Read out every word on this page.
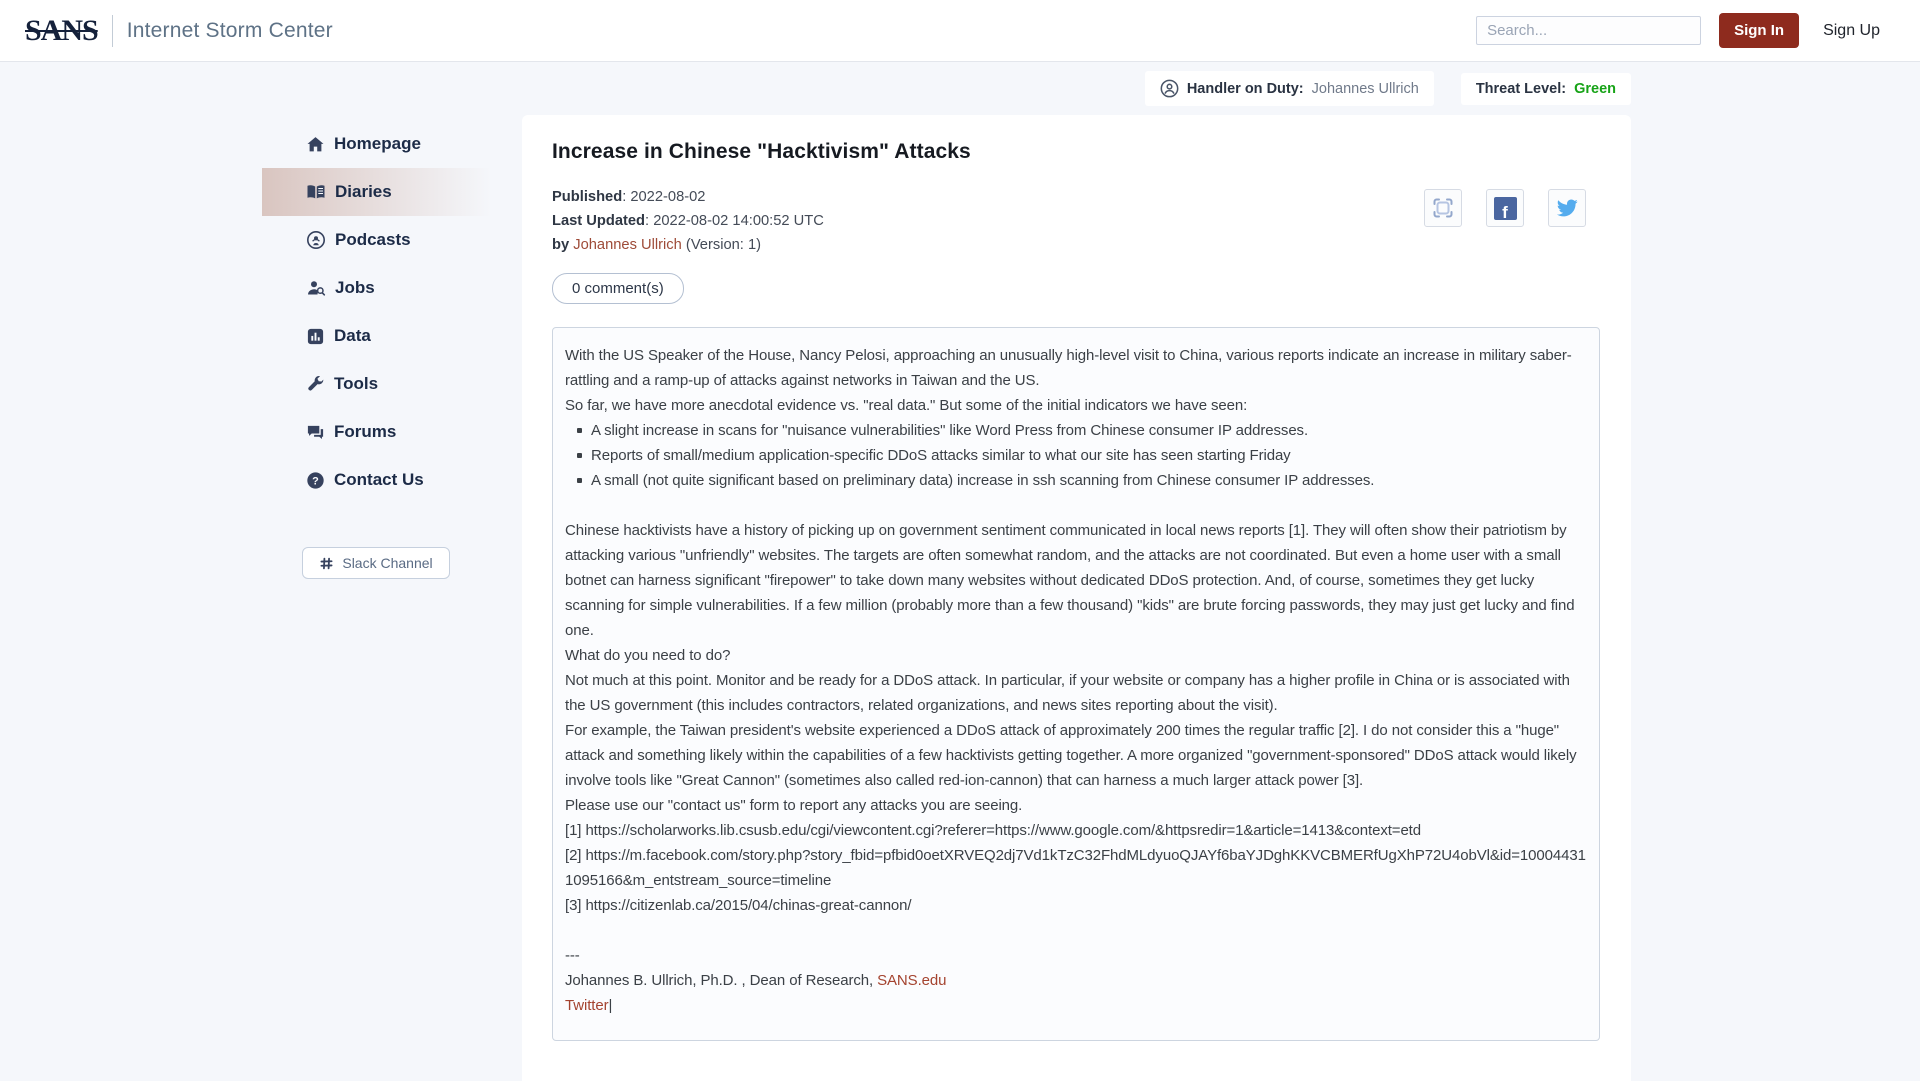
SANS Internet Storm Center
Search...	Sign In	Sign Up
Handler on Duty: Johannes Ullrich	Threat Level: Green
Homepage
Diaries
Podcasts
Jobs
Data
Tools
Forums
? Contact Us
Slack Channel
Increase in Chinese "Hacktivism" Attacks
f
Published: 2022-08-02
Last Updated: 2022-08-02 14:00:52 UTC
by Johannes Ullrich (Version: 1)
0 comment(s)

With the US Speaker of the House, Nancy Pelosi, approaching an unusually high-level visit to China, various reports indicate an increase in military saber-rattling and a ramp-up of attacks against networks in Taiwan and the US.

So far, we have more anecdotal evidence vs. "real data." But some of the initial indicators we have seen:

A slight increase in scans for "nuisance vulnerabilities" like Word Press from Chinese consumer IP addresses.
Reports of small/medium application-specific DDoS attacks similar to what our site has seen starting Friday
A small (not quite significant based on preliminary data) increase in ssh scanning from Chinese consumer IP addresses.

Chinese hacktivists have a history of picking up on government sentiment communicated in local news reports [1]. They will often show their patriotism by attacking various "unfriendly" websites. The targets are often somewhat random, and the attacks are not coordinated. But even a home user with a small botnet can harness significant "firepower" to take down many websites without dedicated DDoS protection. And, of course, sometimes they get lucky scanning for simple vulnerabilities. If a few million (probably more than a few thousand) "kids" are brute forcing passwords, they may just get lucky and find one.

What do you need to do?

Not much at this point. Monitor and be ready for a DDoS attack. In particular, if your website or company has a higher profile in China or is associated with the US government (this includes contractors, related organizations, and news sites reporting about the visit).

For example, the Taiwan president's website experienced a DDoS attack of approximately 200 times the regular traffic [2]. I do not consider this a "huge" attack and something likely within the capabilities of a few hacktivists getting together. A more organized "government-sponsored" DDoS attack would likely involve tools like "Great Cannon" (sometimes also called red-ion-cannon) that can harness a much larger attack power [3].

Please use our "contact us" form to report any attacks you are seeing.

[1] https://scholarworks.lib.csusb.edu/cgi/viewcontent.cgi?referer=https://www.google.com/&httpsredir=1&article=1413&context=etd

[2] https://m.facebook.com/story.php?story_fbid=pfbid0oetXRVEQ2dj7Vd1kTzC32FhdMLdyuoQJAYf6baYJDghKKVCBMERfUgXhP72U4obVl&id=100044311095166&m_entstream_source=timeline

[3] https://citizenlab.ca/2015/04/chinas-great-cannon/

---

Johannes B. Ullrich, Ph.D. , Dean of Research, SANS.edu

Twitter|
